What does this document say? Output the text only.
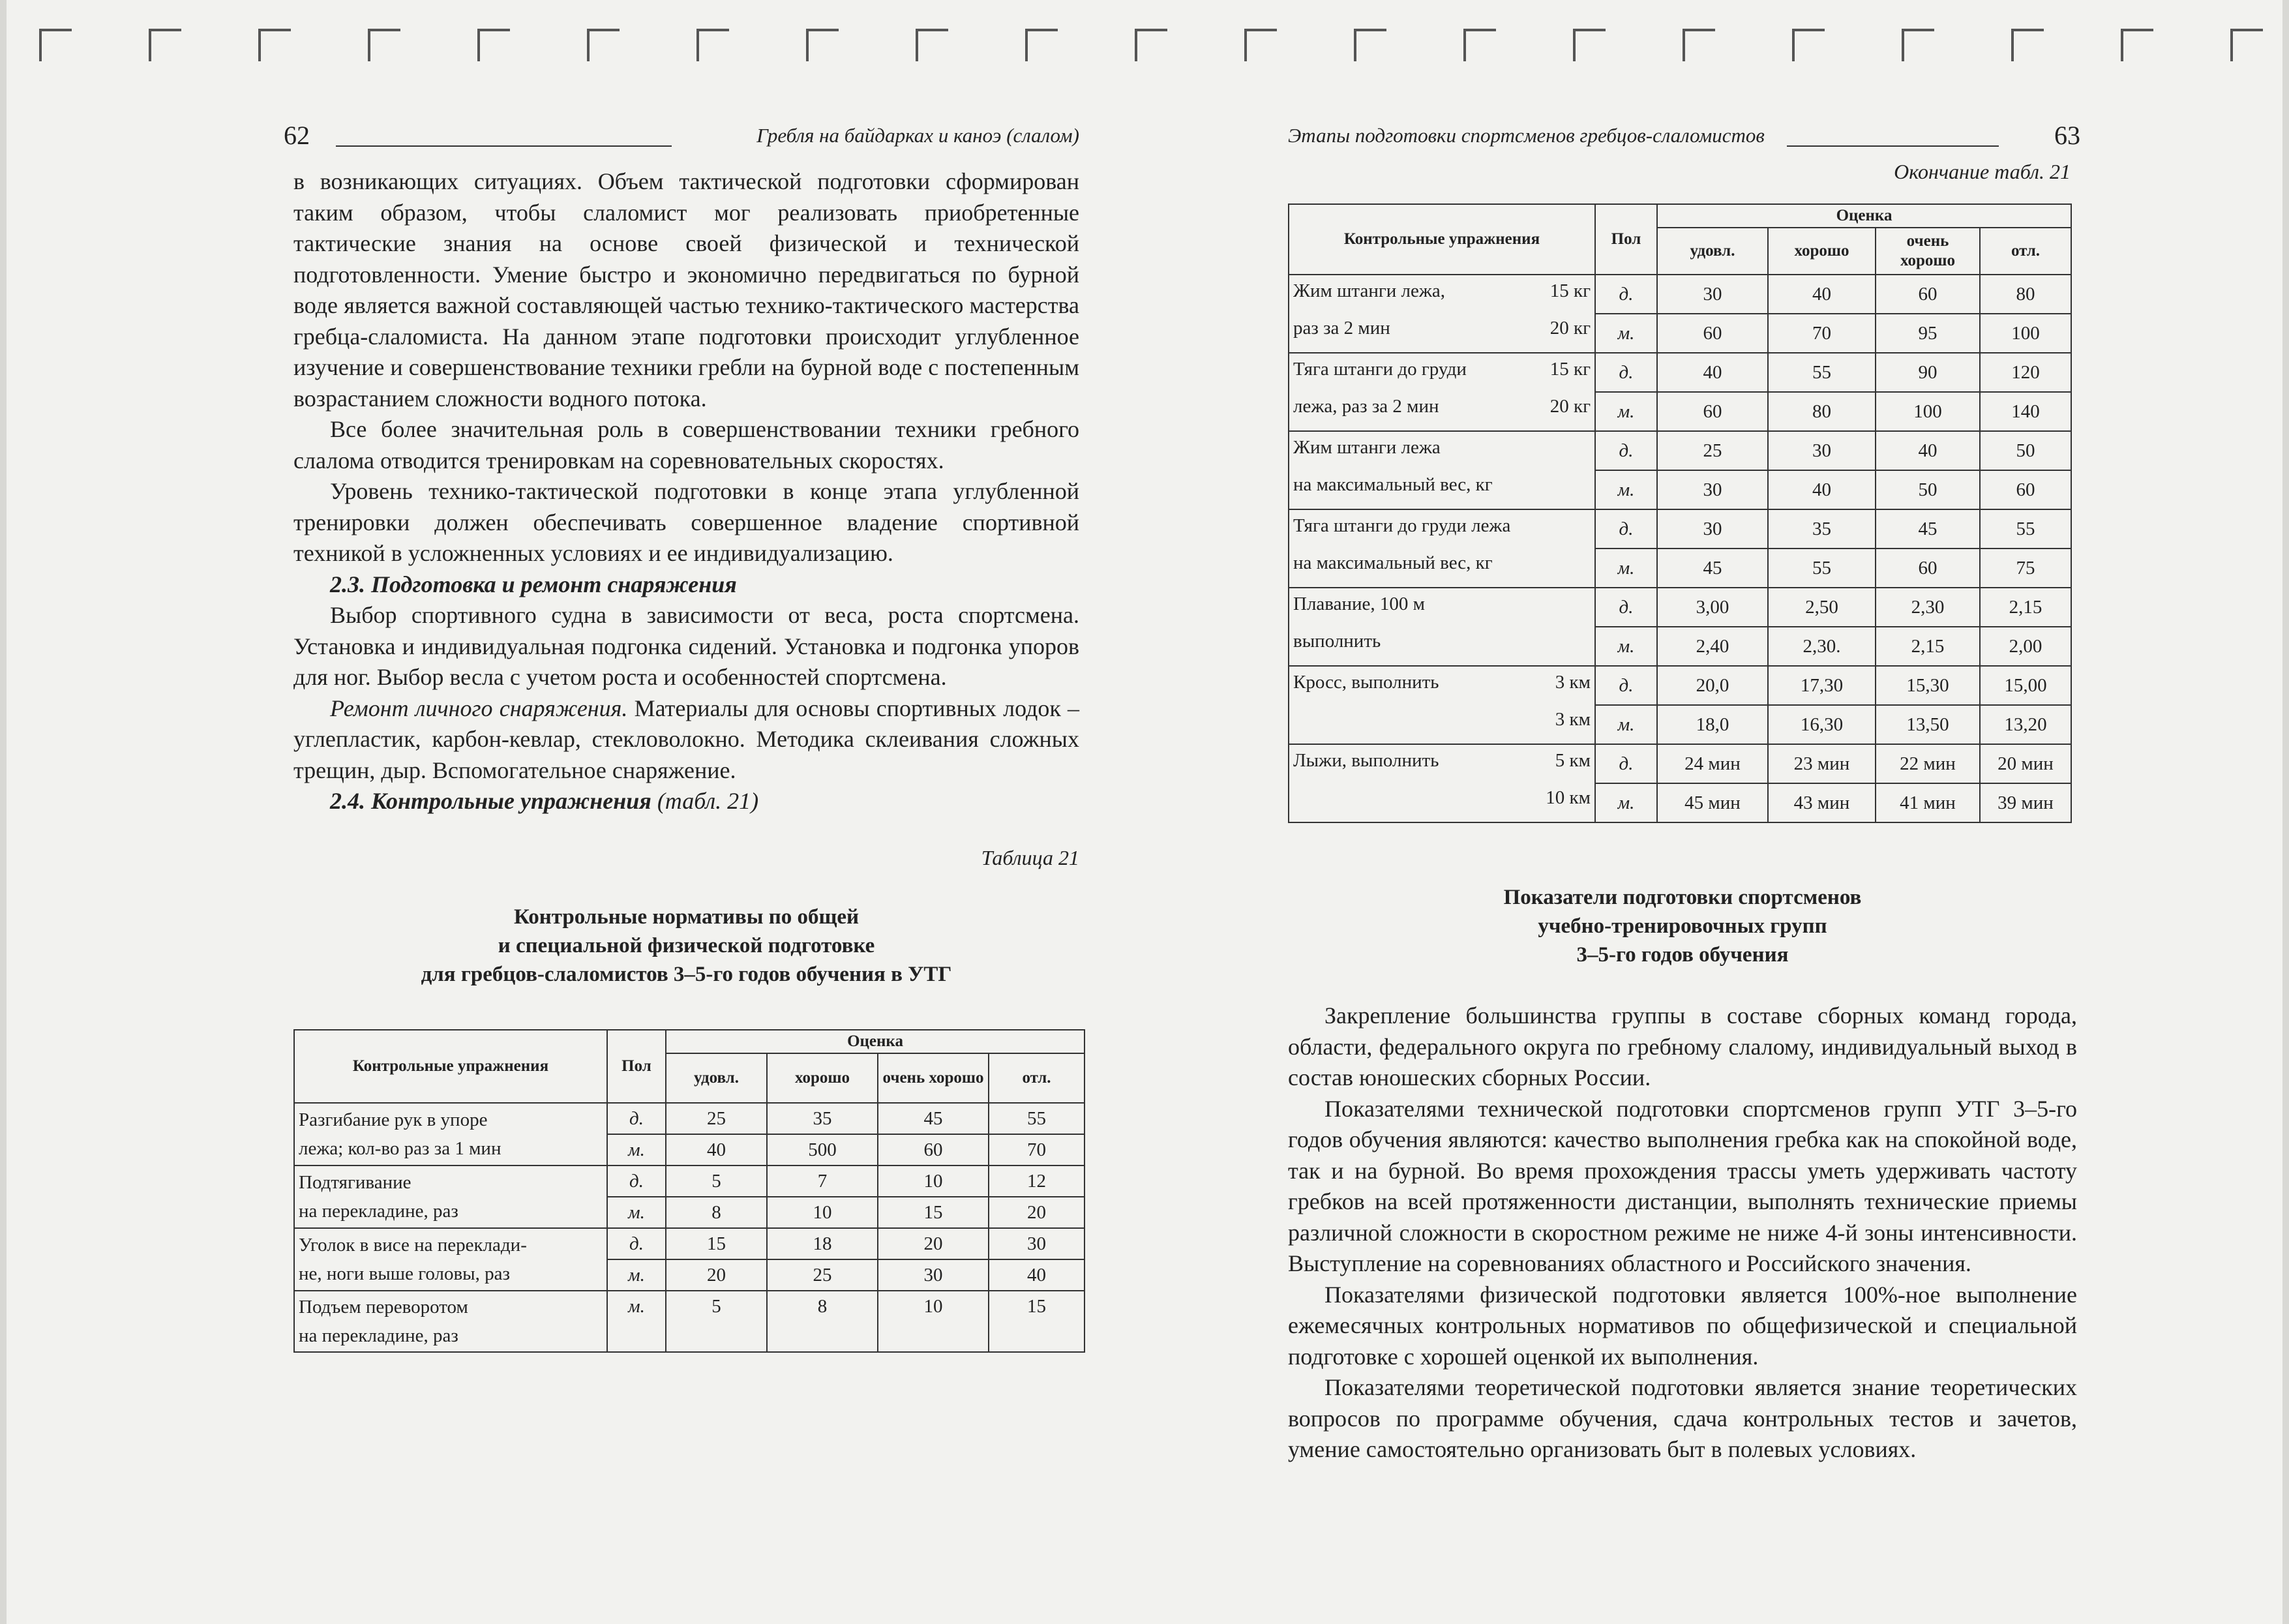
62	Гребля на байдарках и каноэ (слалом)

в возникающих ситуациях. Объем тактической подготовки сформирован таким образом, чтобы слаломист мог реализовать приобретенные тактические знания на основе своей физической и технической подготовленности. Умение быстро и экономично передвигаться по бурной воде является важной составляющей частью технико-тактического мастерства гребца-слаломиста. На данном этапе подготовки происходит углубленное изучение и совершенствование техники гребли на бурной воде с постепенным возрастанием сложности водного потока.

Все более значительная роль в совершенствовании техники гребного слалома отводится тренировкам на соревновательных скоростях.

Уровень технико-тактической подготовки в конце этапа углубленной тренировки должен обеспечивать совершенное владение спортивной техникой в усложненных условиях и ее индивидуализацию.

2.3. Подготовка и ремонт снаряжения

Выбор спортивного судна в зависимости от веса, роста спортсмена. Установка и индивидуальная подгонка сидений. Установка и подгонка упоров для ног. Выбор весла с учетом роста и особенностей спортсмена.

Ремонт личного снаряжения. Материалы для основы спортивных лодок – углепластик, карбон-кевлар, стекловолокно. Методика склеивания сложных трещин, дыр. Вспомогательное снаряжение.

2.4. Контрольные упражнения (табл. 21)

Таблица 21

Контрольные нормативы по общей

и специальной физической подготовке

для гребцов-слаломистов 3–5-го годов обучения в УТГ

Контрольные упражнения	Пол	Оценка			
		удовл.	хорошо	очень хорошо	отл.
Разгибание рук в упоре
лежа; кол-во раз за 1 мин	д.	25	35	45	55
	м.	40	500	60	70
Подтягивание
на перекладине, раз	д.	5	7	10	12
	м.	8	10	15	20
Уголок в висе на переклади-
не, ноги выше головы, раз	д.	15	18	20	30
	м.	20	25	30	40
Подъем переворотом
на перекладине, раз	м.	5	8	10	15
Этапы подготовки спортсменов гребцов-слаломистов	63

Окончание табл. 21

Контрольные упражнения	Пол	Оценка			
		удовл.	хорошо	очень хорошо	отл.
Жим штанги лежа, 15 кг

раз за 2 мин 20 кг	д.	30	40	60	80
	м.	60	70	95	100

Тяга штанги до груди 15 кг

лежа, раз за 2 мин 20 кг	д.	40	55	90	120
	м.	60	80	100	140

Жим штанги лежа

на максимальный вес, кг	д.	25	30	40	50
	м.	30	40	50	60

Тяга штанги до груди лежа

на максимальный вес, кг	д.	30	35	45	55
	м.	45	55	60	75

Плавание, 100 м

выполнить	д.	3,00	2,50	2,30	2,15
	м.	2,40	2,30.	2,15	2,00

Кросс, выполнить 3 км

3 км	д.	20,0	17,30	15,30	15,00
	м.	18,0	16,30	13,50	13,20

Лыжи, выполнить 5 км

10 км	д.	24 мин	23 мин	22 мин	20 мин
	м.	45 мин	43 мин	41 мин	39 мин

Показатели подготовки спортсменов

учебно-тренировочных групп

3–5-го годов обучения

Закрепление большинства группы в составе сборных команд города, области, федерального округа по гребному слалому, индивидуальный выход в состав юношеских сборных России.

Показателями технической подготовки спортсменов групп УТГ 3–5-го годов обучения являются: качество выполнения гребка как на спокойной воде, так и на бурной. Во время прохождения трассы уметь удерживать частоту гребков на всей протяженности дистанции, выполнять технические приемы различной сложности в скоростном режиме не ниже 4-й зоны интенсивности. Выступление на соревнованиях областного и Российского значения.

Показателями физической подготовки является 100%-ное выполнение ежемесячных контрольных нормативов по общефизической и специальной подготовке с хорошей оценкой их выполнения.

Показателями теоретической подготовки является знание теоретических вопросов по программе обучения, сдача контрольных тестов и зачетов, умение самостоятельно организовать быт в полевых условиях.
